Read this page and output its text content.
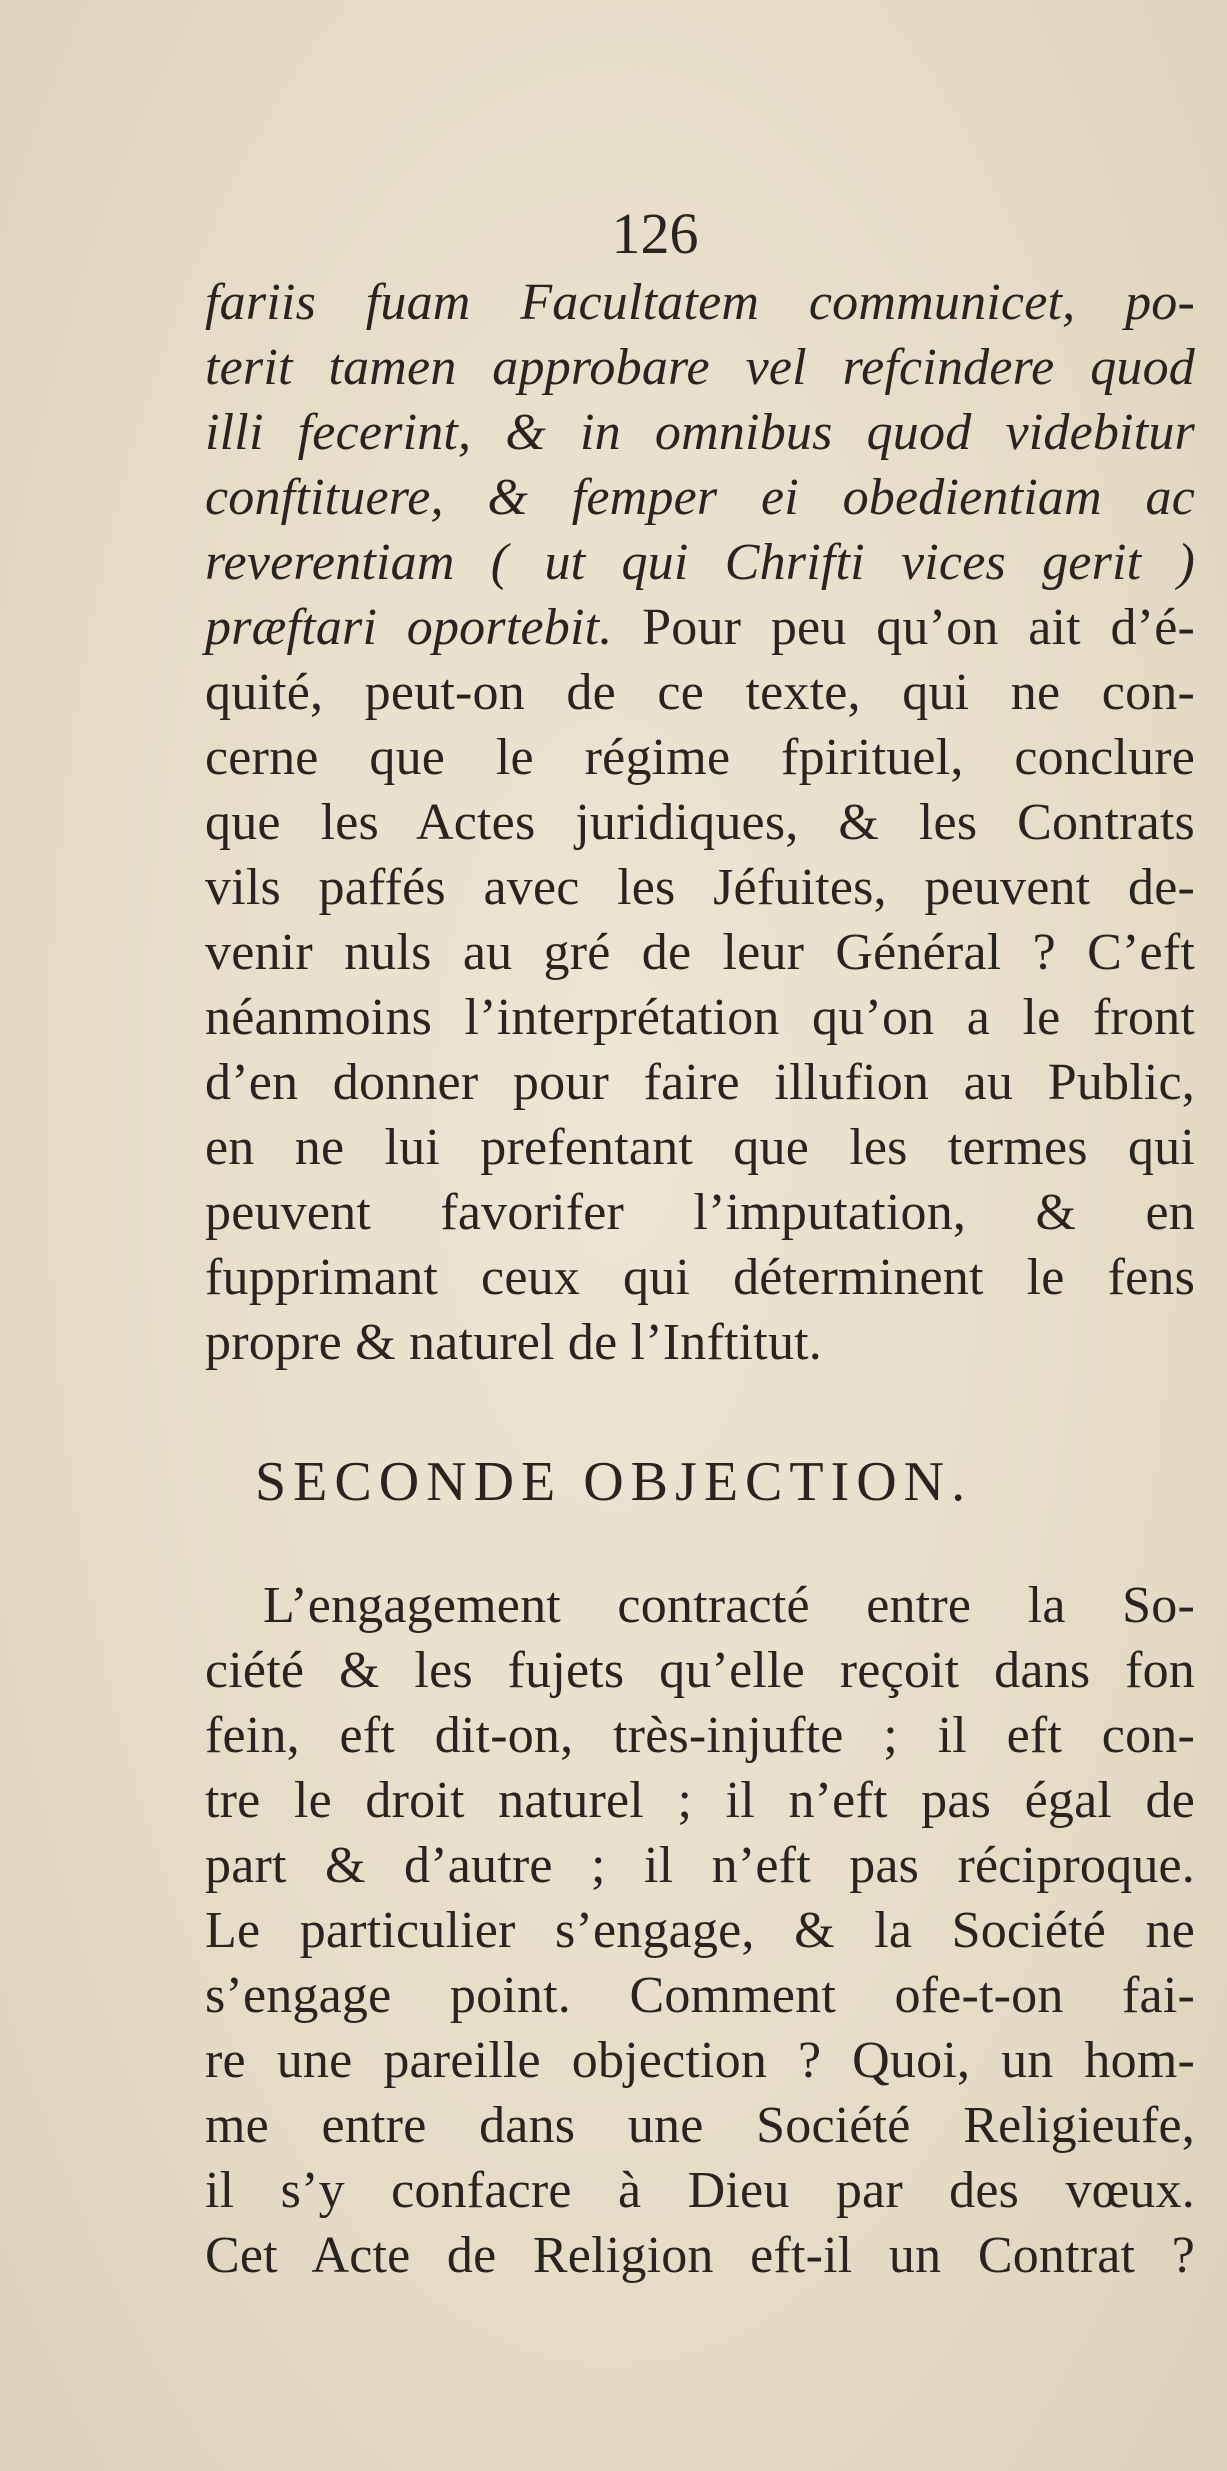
126
fariis fuam Facultatem communicet, po-
terit tamen approbare vel refcindere quod
illi fecerint, & in omnibus quod videbitur
conftituere, & femper ei obedientiam ac
reverentiam ( ut qui Chrifti vices gerit )
præftari oportebit. Pour peu qu’on ait d’é-
quité, peut-on de ce texte, qui ne con-
cerne que le régime fpirituel, conclure
que les Actes juridiques, & les Contrats
vils paffés avec les Jéfuites, peuvent de-
venir nuls au gré de leur Général ? C’eft
néanmoins l’interprétation qu’on a le front
d’en donner pour faire illufion au Public,
en ne lui prefentant que les termes qui
peuvent favorifer l’imputation, & en
fupprimant ceux qui déterminent le fens
propre & naturel de l’Inftitut.
SECONDE OBJECTION.
L’engagement contracté entre la So-
ciété & les fujets qu’elle reçoit dans fon
fein, eft dit-on, très-injufte ; il eft con-
tre le droit naturel ; il n’eft pas égal de
part & d’autre ; il n’eft pas réciproque.
Le particulier s’engage, & la Société ne
s’engage point. Comment ofe-t-on fai-
re une pareille objection ? Quoi, un hom-
me entre dans une Société Religieufe,
il s’y confacre à Dieu par des vœux.
Cet Acte de Religion eft-il un Contrat ?
